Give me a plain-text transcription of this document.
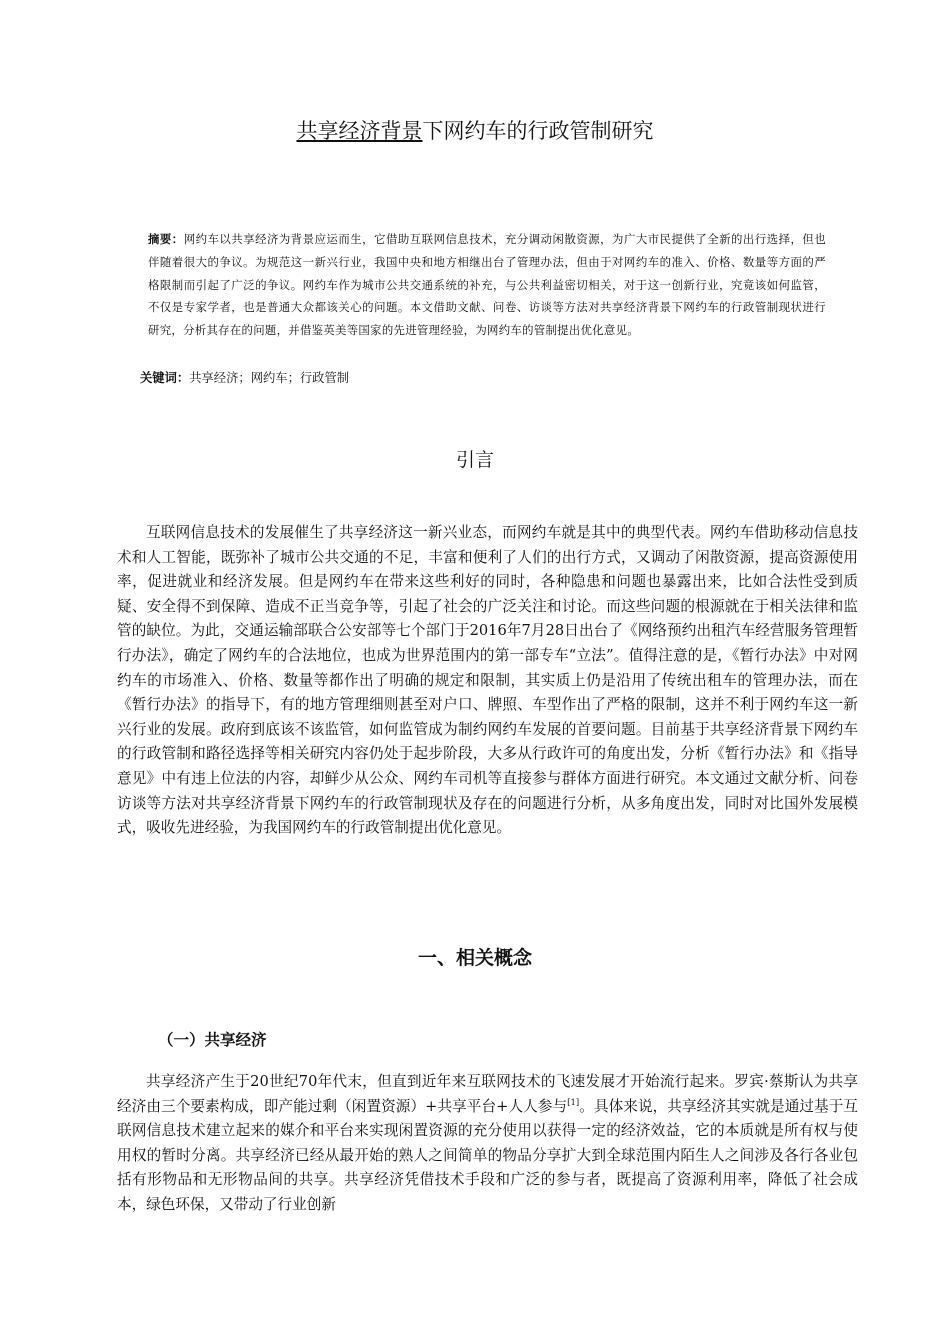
共享经济背景下网约车的行政管制研究
摘要：网约车以共享经济为背景应运而生，它借助互联网信息技术，充分调动闲散资源，为广大市民提供了全新的出行选择，但也伴随着很大的争议。为规范这一新兴行业，我国中央和地方相继出台了管理办法，但由于对网约车的准入、价格、数量等方面的严格限制而引起了广泛的争议。网约车作为城市公共交通系统的补充，与公共利益密切相关，对于这一创新行业，究竟该如何监管，不仅是专家学者，也是普通大众都该关心的问题。本文借助文献、问卷、访谈等方法对共享经济背景下网约车的行政管制现状进行研究，分析其存在的问题，并借鉴英美等国家的先进管理经验，为网约车的管制提出优化意见。
关键词：共享经济；网约车；行政管制
引言
互联网信息技术的发展催生了共享经济这一新兴业态，而网约车就是其中的典型代表。网约车借助移动信息技术和人工智能，既弥补了城市公共交通的不足，丰富和便利了人们的出行方式，又调动了闲散资源，提高资源使用率，促进就业和经济发展。但是网约车在带来这些利好的同时，各种隐患和问题也暴露出来，比如合法性受到质疑、安全得不到保障、造成不正当竞争等，引起了社会的广泛关注和讨论。而这些问题的根源就在于相关法律和监管的缺位。为此，交通运输部联合公安部等七个部门于2016年7月28日出台了《网络预约出租汽车经营服务管理暂行办法》，确定了网约车的合法地位，也成为世界范围内的第一部专车“立法”。值得注意的是，《暂行办法》中对网约车的市场准入、价格、数量等都作出了明确的规定和限制，其实质上仍是沿用了传统出租车的管理办法，而在《暂行办法》的指导下，有的地方管理细则甚至对户口、牌照、车型作出了严格的限制，这并不利于网约车这一新兴行业的发展。政府到底该不该监管，如何监管成为制约网约车发展的首要问题。目前基于共享经济背景下网约车的行政管制和路径选择等相关研究内容仍处于起步阶段，大多从行政许可的角度出发，分析《暂行办法》和《指导意见》中有违上位法的内容，却鲜少从公众、网约车司机等直接参与群体方面进行研究。本文通过文献分析、问卷访谈等方法对共享经济背景下网约车的行政管制现状及存在的问题进行分析，从多角度出发，同时对比国外发展模式，吸收先进经验，为我国网约车的行政管制提出优化意见。
一、相关概念
（一）共享经济
共享经济产生于20世纪70年代末，但直到近年来互联网技术的飞速发展才开始流行起来。罗宾·蔡斯认为共享经济由三个要素构成，即产能过剩（闲置资源）+共享平台+人人参与[1]。具体来说，共享经济其实就是通过基于互联网信息技术建立起来的媒介和平台来实现闲置资源的充分使用以获得一定的经济效益，它的本质就是所有权与使用权的暂时分离。共享经济已经从最开始的熟人之间简单的物品分享扩大到全球范围内陌生人之间涉及各行各业包括有形物品和无形物品间的共享。共享经济凭借技术手段和广泛的参与者，既提高了资源利用率，降低了社会成本，绿色环保，又带动了行业创新
